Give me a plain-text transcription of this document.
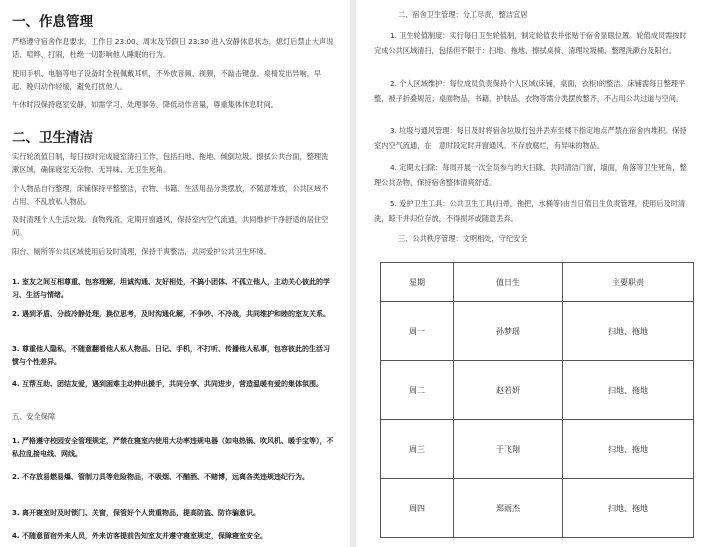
一、作息管理

严格遵守宿舍作息要求，工作日 23:00、周末及节假日 23:30 进入安静休息状态，熄灯后禁止大声说话、喧哗、打闹，杜绝一切影响他人睡眠的行为。

使用手机、电脑等电子设备时全程佩戴耳机，不外放音频、视频，不敲击键盘、桌椅发出异响，早起、晚归动作轻缓，避免打扰他人。

午休时段保持寝室安静，如需学习、处理事务，降低动作音量，尊重集体休息时间。

二、卫生清洁

实行轮流值日制，每日按时完成寝室清扫工作，包括扫地、拖地、倾倒垃圾、擦拭公共台面，整理洗漱区域，确保寝室无杂物、无异味、无卫生死角。

个人物品自行整理，床铺保持平整整洁，衣物、书籍、生活用品分类摆放，不随意堆放，公共区域不占用、不乱放私人物品。

及时清理个人生活垃圾、食物残渣，定期开窗通风，保持室内空气流通，共同维护干净舒适的居住空间。

阳台、厕所等公共区域使用后及时清理，保持干爽整洁，共同爱护公共卫生环境。

1. 室友之间互相尊重、包容理解，坦诚沟通、友好相处，不搞小团体、不孤立他人，主动关心彼此的学习、生活与情绪。

2. 遇到矛盾、分歧冷静处理，换位思考，及时沟通化解，不争吵、不冷战，共同维护和睦的室友关系。

3. 尊重他人隐私，不随意翻看他人私人物品、日记、手机，不打听、传播他人私事，包容彼此的生活习惯与个性差异。

4. 互帮互助、团结友爱，遇到困难主动伸出援手，共同分享、共同进步，营造温暖有爱的集体氛围。

五、安全保障

1. 严格遵守校园安全管理规定，严禁在寝室内使用大功率违规电器（如电热锅、吹风机、暖手宝等），不私拉乱接电线、网线。

2. 不存放易燃易爆、管制刀具等危险物品，不吸烟、不酗酒、不赌博，远离各类违规违纪行为。

3. 离开寝室时及时锁门、关窗，保管好个人贵重物品，提高防盗、防诈骗意识。

4. 不随意留宿外来人员，外来访客提前告知室友并遵守寝室规定，保障寝室安全。

二、宿舍卫生管理：分工尽责，整洁宜居
1. 卫生轮值制度：实行每日卫生轮值制，制定轮值表并张贴于宿舍显眼位置。轮值成员需按时完成公共区域清扫，包括但不限于：扫地、拖地、擦拭桌椅、清理垃圾桶、整理洗漱台及阳台。
2. 个人区域维护：每位成员负责保持个人区域(床铺，桌面，衣柜)的整洁。床铺需每日整理平整，被子折叠规范；桌面物品，书籍，护肤品，衣物等需分类摆放整齐，不占用公共过道与空间。
3. 垃圾与通风管理：每日及时将宿舍垃圾打包并丢弃至楼下指定地点严禁在宿舍内堆积。保持室内空气流通，在　意时段定时开窗通风。不存放腐烂，有异味的物品。
4. 定期大扫除：每周开展一次全员参与的大扫除，共同清洁门窗，墙面，角落等卫生死角，整理公共杂物，保持宿舍整体清爽舒适。
5. 爱护卫生工具：公共卫生工具(扫帚，拖把，水桶等)由当日值日生负责管理，使用后及时清洗，晾干并归位存放，不得损坏或随意丢弃。
三、公共秩序管理：文明相处，守纪安全
星期	值日生	主要职责
周一	孙梦瑶	扫地、拖地
周二	赵若妍	扫地、拖地
周三	于飞翔	扫地、拖地
周四	郑雨杰	扫地、拖地
